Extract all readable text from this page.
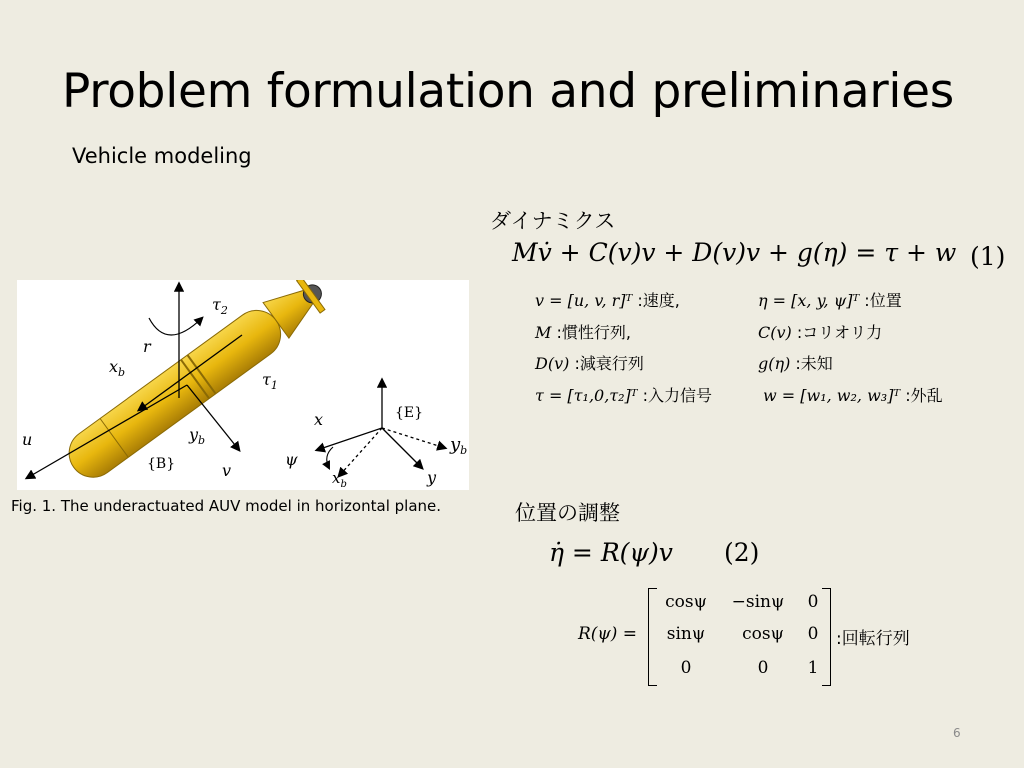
Problem formulation and preliminaries
Vehicle modeling
$\tau_2$
r
$x_b$	$\tau_1$
u	$y_b$
{B}	v
{E}
x
ψ
$x_b$	y
$y_b$
Fig. 1. The underactuated AUV model in horizontal plane.
ダイナミクス
Mv̇ + C(v)v + D(v)v + g(η) = τ + w (1)
v = [u, v, r]ᵀ :速度,	η = [x, y, ψ]ᵀ :位置
M :慣性行列,	C(v) :コリオリ力
D(v) :減衰行列	g(η) :未知
τ = [τ₁,0,τ₂]ᵀ :入力信号	w = [w₁, w₂, w₃]ᵀ :外乱
位置の調整
η̇ = R(ψ)v (2)
R(ψ) =
cosψ	−sinψ	0
sinψ	cosψ	0
0	0	1
:回転行列
6
